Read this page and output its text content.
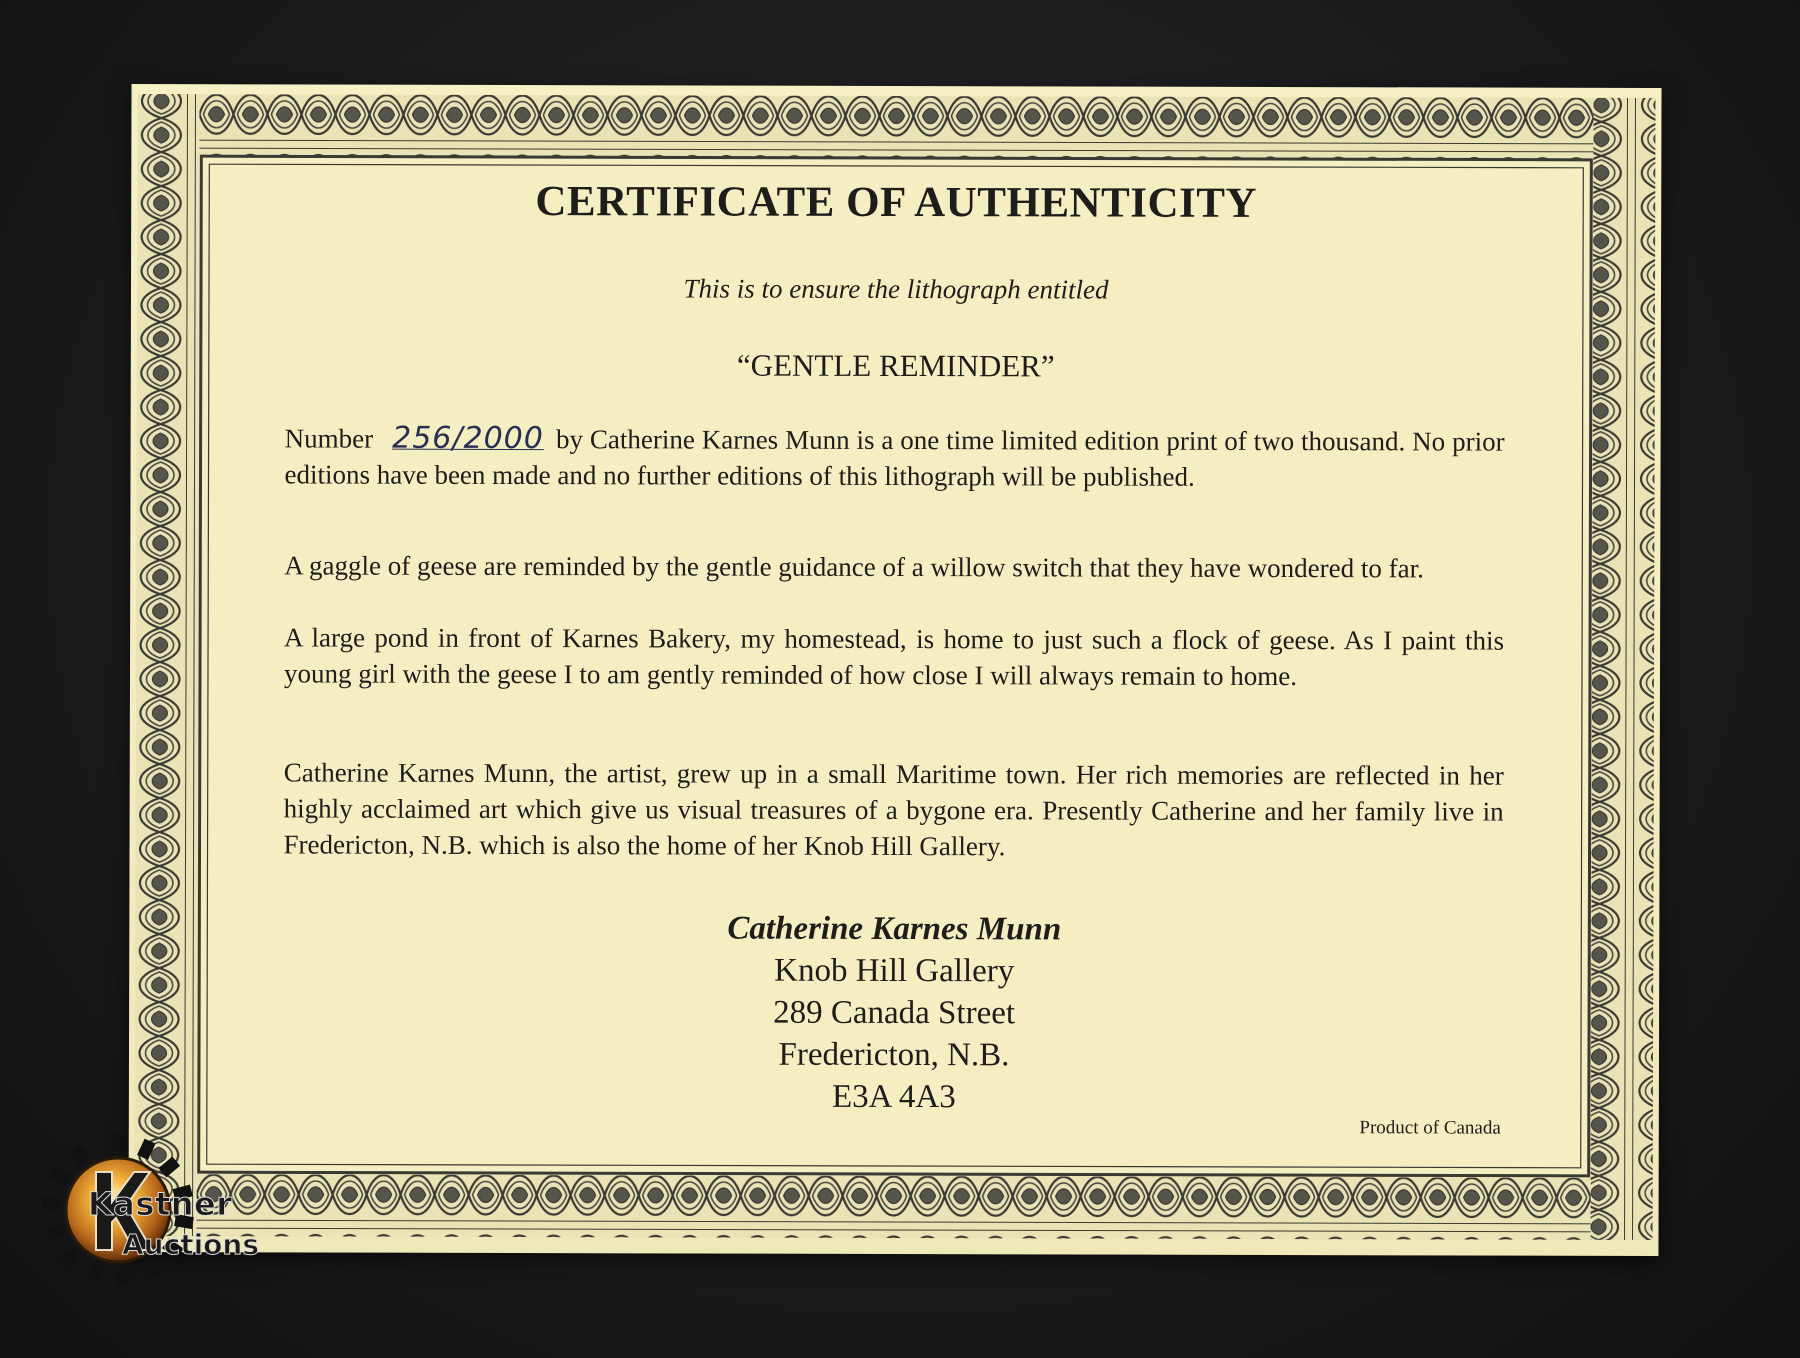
CERTIFICATE OF AUTHENTICITY
This is to ensure the lithograph entitled
“GENTLE REMINDER”

Number 256/2000 by Catherine Karnes Munn is a one time limited edition print of two thousand. No prior editions have been made and no further editions of this lithograph will be published.

A gaggle of geese are reminded by the gentle guidance of a willow switch that they have wondered to far.

A large pond in front of Karnes Bakery, my homestead, is home to just such a flock of geese. As I paint this young girl with the geese I to am gently reminded of how close I will always remain to home.

Catherine Karnes Munn, the artist, grew up in a small Maritime town. Her rich memories are reflected in her highly acclaimed art which give us visual treasures of a bygone era. Presently Catherine and her family live in Fredericton, N.B. which is also the home of her Knob Hill Gallery.

Catherine Karnes Munn
Knob Hill Gallery
289 Canada Street
Fredericton, N.B.
E3A 4A3
Product of Canada
Kastner
Auctions
